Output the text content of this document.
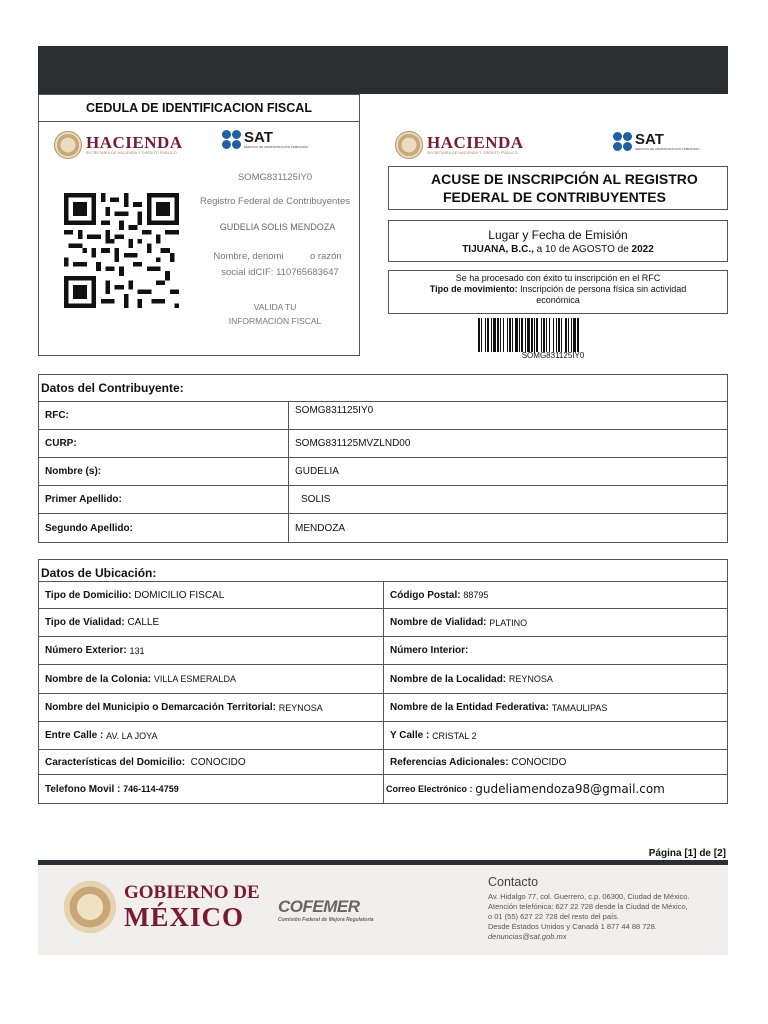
CEDULA DE IDENTIFICACION FISCAL
HACIENDA
SECRETARÍA DE HACIENDA Y CRÉDITO PÚBLICO
SAT
SERVICIO DE ADMINISTRACIÓN TRIBUTARIA
SOMG831125IY0
Registro Federal de Contribuyentes
GUDELIA SOLIS MENDOZA
Nombre, denomi          o razón
social idCIF: 110765683647
VALIDA TU
INFORMACIÓN FISCAL
HACIENDA
SECRETARÍA DE HACIENDA Y CRÉDITO PÚBLICO
SAT
SERVICIO DE ADMINISTRACIÓN TRIBUTARIA
ACUSE DE INSCRIPCIÓN AL REGISTRO
FEDERAL DE CONTRIBUYENTES
Lugar y Fecha de Emisión
TIJUANA, B.C., a 10 de AGOSTO de 2022
Se ha procesado con éxito tu inscripción en el RFC
Tipo de movimiento: Inscripción de persona física sin actividad
económica
SOMG831125IY0
Datos del Contribuyente:
RFC:	SOMG831125IY0
CURP:	SOMG831125MVZLND00
Nombre (s):	GUDELIA
Primer Apellido:	SOLIS
Segundo Apellido:	MENDOZA
Datos de Ubicación:
Tipo de Domicilio:
DOMICILIO FISCAL	Código Postal:
88795
Tipo de Vialidad:
CALLE	Nombre de Vialidad:
PLATINO
Número Exterior:
131	Número Interior:

Nombre de la Colonia:
VILLA ESMERALDA	Nombre de la Localidad:
REYNOSA
Nombre del Municipio o Demarcación Territorial:
REYNOSA	Nombre de la Entidad Federativa:
TAMAULIPAS
Entre Calle :
AV. LA JOYA	Y Calle :
CRISTAL 2
Características del Domicilio:
CONOCIDO	Referencias Adicionales:
CONOCIDO
Telefono Movil :
746-114-4759	Correo Electrónico :
gudeliamendoza98@gmail.com
Página [1] de [2]
GOBIERNO DE
MÉXICO	COFEMER
Comisión Federal de Mejora Regulatoria
Contacto
Av. Hidalgo 77, col. Guerrero, c.p. 06300, Ciudad de México.
Atención telefónica: 627 22 728 desde la Ciudad de México,
o 01 (55) 627 22 728 del resto del país.
Desde Estados Unidos y Canadá 1 877 44 88 728.
denuncias@sat.gob.mx
